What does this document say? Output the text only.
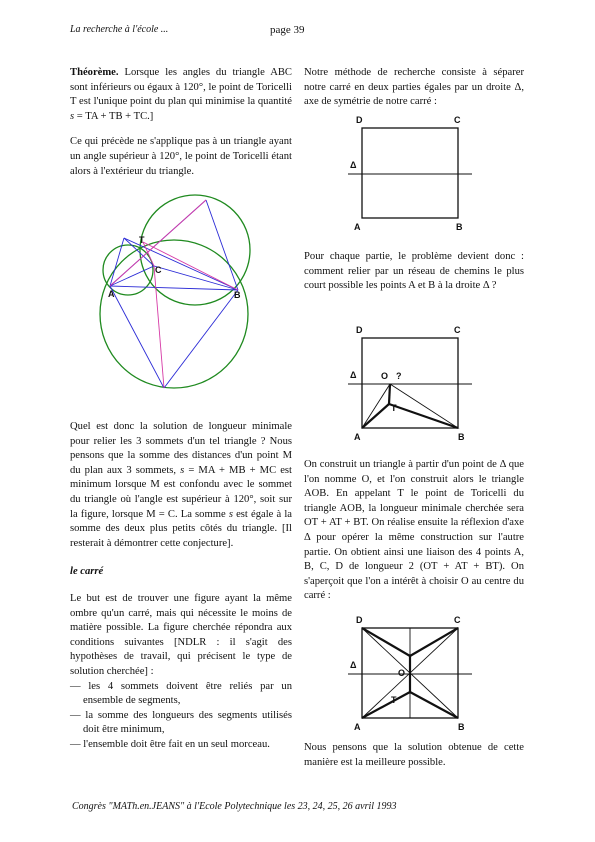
La recherche à l'école ...	page 39

Théorème. Lorsque les angles du triangle ABC sont inférieurs ou égaux à 120°, le point de Toricelli T est l'unique point du plan qui minimise la quantité s = TA + TB + TC.]

Ce qui précède ne s'applique pas à un triangle ayant un angle supérieur à 120°, le point de Toricelli étant alors à l'extérieur du triangle.

T
C
A	B

Quel est donc la solution de longueur minimale pour relier les 3 sommets d'un tel triangle ? Nous pensons que la somme des distances d'un point M du plan aux 3 sommets, s = MA + MB + MC est minimum lorsque M est confondu avec le sommet du triangle où l'angle est supérieur à 120°, soit sur la figure, lorsque M = C. La somme s est égale à la somme des deux plus petits côtés du triangle. [Il resterait à démontrer cette conjecture].

le carré

Le but est de trouver une figure ayant la même ombre qu'un carré, mais qui nécessite le moins de matière possible. La figure cherchée répondra aux conditions suivantes [NDLR : il s'agit des hypothèses de travail, qui précisent le type de solution cherchée] :

— les 4 sommets doivent être reliés par un ensemble de segments,
— la somme des longueurs des segments utilisés doit être minimum,
— l'ensemble doit être fait en un seul morceau.

Notre méthode de recherche consiste à séparer notre carré en deux parties égales par un droite Δ, axe de symétrie de notre carré :

D	C
Δ
A	B

Pour chaque partie, le problème devient donc : comment relier par un réseau de chemins le plus court possible les points A et B à la droite Δ ?

D	C
Δ	O ?
T
A	B

On construit un triangle à partir d'un point de Δ que l'on nomme O, et l'on construit alors le triangle AOB. En appelant T le point de Toricelli du triangle AOB, la longueur minimale cherchée sera OT + AT + BT. On réalise ensuite la réflexion d'axe Δ pour opérer la même construction sur l'autre partie. On obtient ainsi une liaison des 4 points A, B, C, D de longueur 2 (OT + AT + BT). On s'aperçoit que l'on a intérêt à choisir O au centre du carré :

D	C
Δ
O
T
A	B

Nous pensons que la solution obtenue de cette manière est la meilleure possible.

Congrès "MATh.en.JEANS" à l'Ecole Polytechnique les 23, 24, 25, 26 avril 1993
